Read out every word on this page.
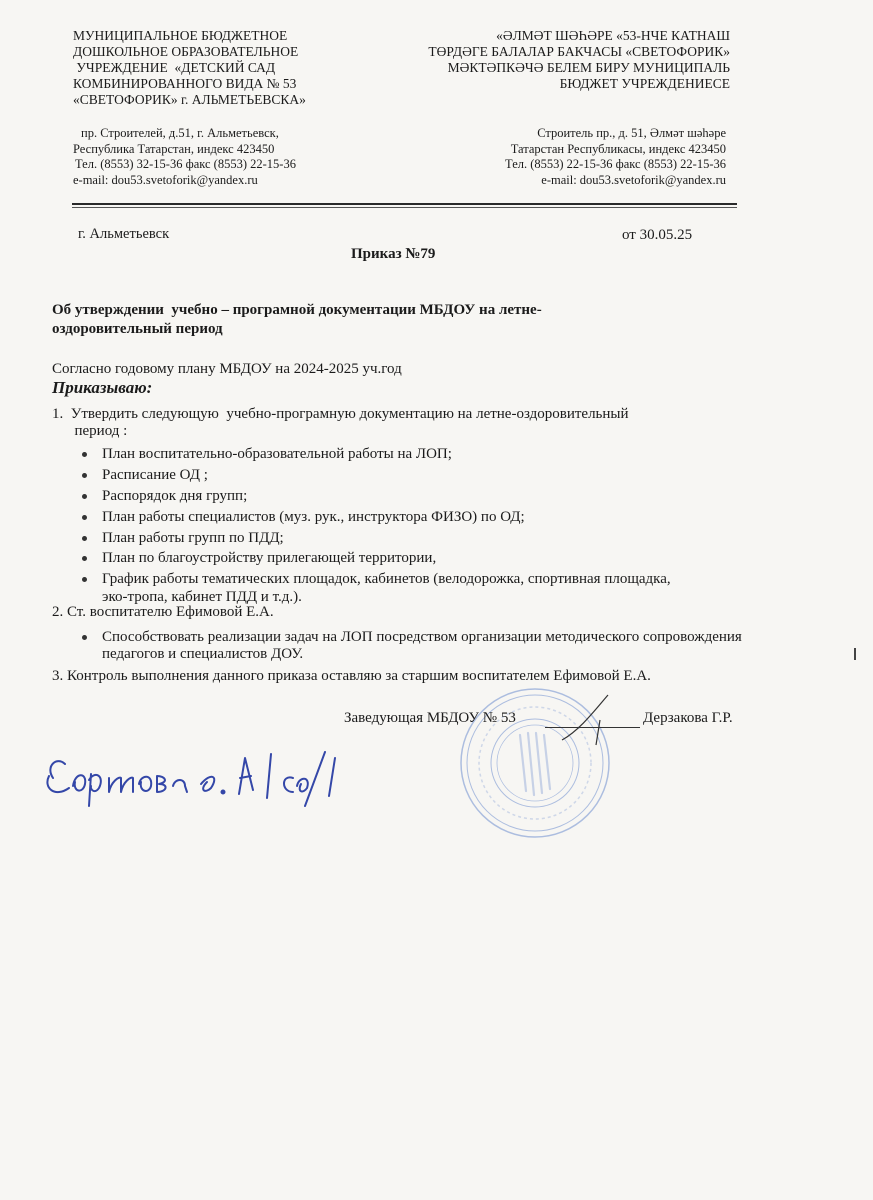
МУНИЦИПАЛЬНОЕ БЮДЖЕТНОЕ
ДОШКОЛЬНОЕ ОБРАЗОВАТЕЛЬНОЕ
УЧРЕЖДЕНИЕ  «ДЕТСКИЙ САД
КОМБИНИРОВАННОГО ВИДА № 53
«СВЕТОФОРИК» г. АЛЬМЕТЬЕВСКА»
«ӘЛМӘТ ШӘҺӘРЕ «53-НЧЕ КАТНАШ
ТӨРДӘГЕ БАЛАЛАР БАКЧАСЫ «СВЕТОФОРИК»
МӘКТӘПКӘЧӘ БЕЛЕМ БИРУ МУНИЦИПАЛЬ
БЮДЖЕТ УЧРЕЖДЕНИЕСЕ
пр. Строителей, д.51, г. Альметьевск,
Республика Татарстан, индекс 423450
Тел. (8553) 32-15-36 факс (8553) 22-15-36
e-mail: dou53.svetoforik@yandex.ru
Строитель пр., д. 51, Әлмәт шәһәре
Татарстан Республикасы, индекс 423450
Тел. (8553) 22-15-36 факс (8553) 22-15-36
e-mail: dou53.svetoforik@yandex.ru
г. Альметьевск	от 30.05.25
Приказ №79
Об утверждении  учебно – програмной документации МБДОУ на летне-
оздоровительный период
Согласно годовому плану МБДОУ на 2024-2025 уч.год
Приказываю:
1.  Утвердить следующую  учебно-програмную документацию на летне-оздоровительный
период :
План воспитательно-образовательной работы на ЛОП;
Расписание ОД ;
Распорядок дня групп;
План работы специалистов (муз. рук., инструктора ФИЗО) по ОД;
План работы групп по ПДД;
План по благоустройству прилегающей территории,
График работы тематических площадок, кабинетов (велодорожка, спортивная площадка, эко-тропа, кабинет ПДД и т.д.).
2. Ст. воспитателю Ефимовой Е.А.
Способствовать реализации задач на ЛОП посредством организации методического сопровождения педагогов и специалистов ДОУ.
3. Контроль выполнения данного приказа оставляю за старшим воспитателем Ефимовой Е.А.
Заведующая МБДОУ № 53	Дерзакова Г.Р.
